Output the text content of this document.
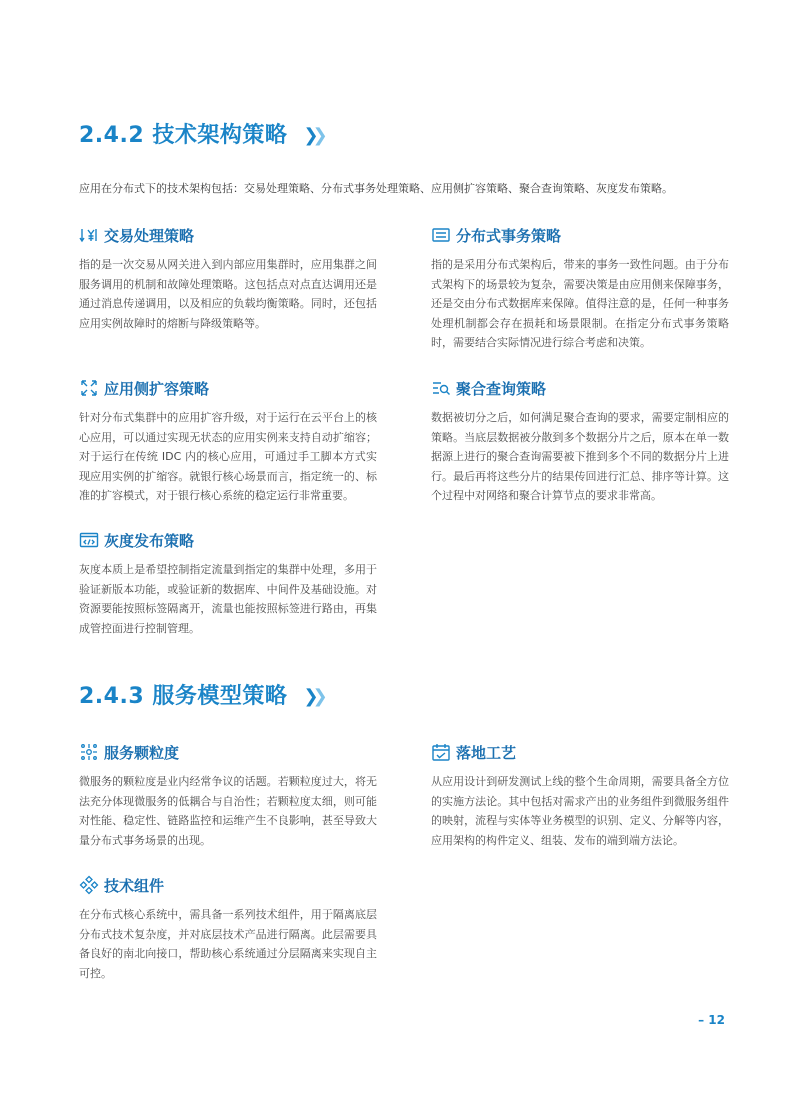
2.4.2 技术架构策略 ❯❯
应用在分布式下的技术架构包括：交易处理策略、分布式事务处理策略、应用侧扩容策略、聚合查询策略、灰度发布策略。
交易处理策略
指的是一次交易从网关进入到内部应用集群时，应用集群之间服务调用的机制和故障处理策略。这包括点对点直达调用还是通过消息传递调用，以及相应的负载均衡策略。同时，还包括应用实例故障时的熔断与降级策略等。
分布式事务策略
指的是采用分布式架构后，带来的事务一致性问题。由于分布式架构下的场景较为复杂，需要决策是由应用侧来保障事务，还是交由分布式数据库来保障。值得注意的是，任何一种事务处理机制都会存在损耗和场景限制。在指定分布式事务策略时，需要结合实际情况进行综合考虑和决策。
应用侧扩容策略
针对分布式集群中的应用扩容升级，对于运行在云平台上的核心应用，可以通过实现无状态的应用实例来支持自动扩缩容；对于运行在传统 IDC 内的核心应用，可通过手工脚本方式实现应用实例的扩缩容。就银行核心场景而言，指定统一的、标准的扩容模式，对于银行核心系统的稳定运行非常重要。
聚合查询策略
数据被切分之后，如何满足聚合查询的要求，需要定制相应的策略。当底层数据被分散到多个数据分片之后，原本在单一数据源上进行的聚合查询需要被下推到多个不同的数据分片上进行。最后再将这些分片的结果传回进行汇总、排序等计算。这个过程中对网络和聚合计算节点的要求非常高。
灰度发布策略
灰度本质上是希望控制指定流量到指定的集群中处理，多用于验证新版本功能，或验证新的数据库、中间件及基础设施。对资源要能按照标签隔离开，流量也能按照标签进行路由，再集成管控面进行控制管理。
2.4.3 服务模型策略 ❯❯
服务颗粒度
微服务的颗粒度是业内经常争议的话题。若颗粒度过大，将无法充分体现微服务的低耦合与自治性；若颗粒度太细，则可能对性能、稳定性、链路监控和运维产生不良影响，甚至导致大量分布式事务场景的出现。
落地工艺
从应用设计到研发测试上线的整个生命周期，需要具备全方位的实施方法论。其中包括对需求产出的业务组件到微服务组件的映射，流程与实体等业务模型的识别、定义、分解等内容，应用架构的构件定义、组装、发布的端到端方法论。
技术组件
在分布式核心系统中，需具备一系列技术组件，用于隔离底层分布式技术复杂度，并对底层技术产品进行隔离。此层需要具备良好的南北向接口，帮助核心系统通过分层隔离来实现自主可控。
– 12
